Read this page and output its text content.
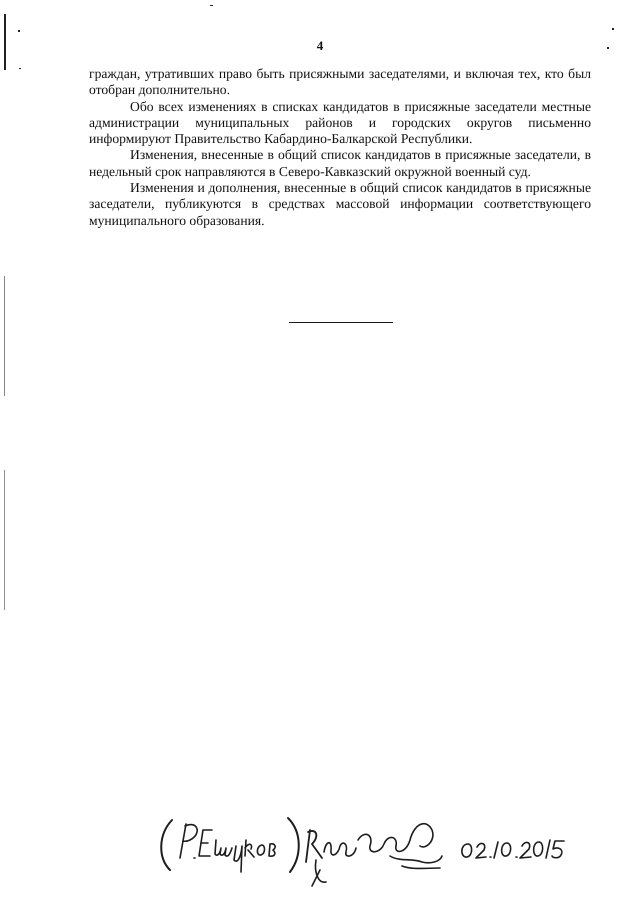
4

граждан, утративших право быть присяжными заседателями, и включая тех, кто был отобран дополнительно.

Обо всех изменениях в списках кандидатов в присяжные заседатели местные администрации муниципальных районов и городских округов письменно информируют Правительство Кабардино-Балкарской Республики.

Изменения, внесенные в общий список кандидатов в присяжные заседатели, в недельный срок направляются в Северо-Кавказский окружной военный суд.

Изменения и дополнения, внесенные в общий список кандидатов в присяжные заседатели, публикуются в средствах массовой информации соответствующего муниципального образования.
